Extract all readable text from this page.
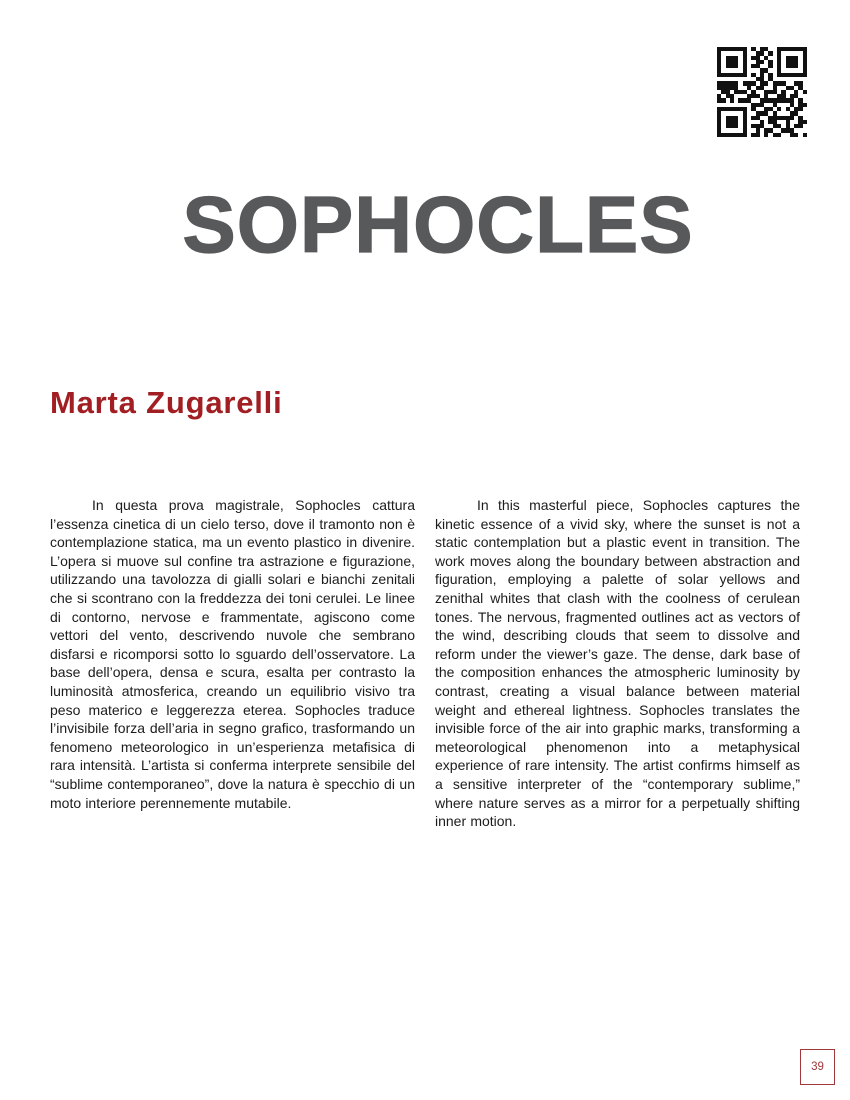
SOPHOCLES
Marta Zugarelli

In questa prova magistrale, Sophocles cattura l’essenza cinetica di un cielo terso, dove il tramonto non è contemplazione statica, ma un evento plastico in divenire. L’opera si muove sul confine tra astrazione e figurazione, utilizzando una tavolozza di gialli solari e bianchi zenitali che si scontrano con la freddezza dei toni cerulei. Le linee di contorno, nervose e frammentate, agiscono come vettori del vento, descrivendo nuvole che sembrano disfarsi e ricomporsi sotto lo sguardo dell’osservatore. La base dell’opera, densa e scura, esalta per contrasto la luminosità atmosferica, creando un equilibrio visivo tra peso materico e leggerezza eterea. Sophocles traduce l’invisibile forza dell’aria in segno grafico, trasformando un fenomeno meteorologico in un’esperienza metafisica di rara intensità. L’artista si conferma interprete sensibile del “sublime contemporaneo”, dove la natura è specchio di un moto interiore perennemente mutabile.

In this masterful piece, Sophocles captures the kinetic essence of a vivid sky, where the sunset is not a static contemplation but a plastic event in transition. The work moves along the boundary between abstraction and figuration, employing a palette of solar yellows and zenithal whites that clash with the coolness of cerulean tones. The nervous, fragmented outlines act as vectors of the wind, describing clouds that seem to dissolve and reform under the viewer’s gaze. The dense, dark base of the composition enhances the atmospheric luminosity by contrast, creating a visual balance between material weight and ethereal lightness. Sophocles translates the invisible force of the air into graphic marks, transforming a meteorological phenomenon into a metaphysical experience of rare intensity. The artist confirms himself as a sensitive interpreter of the “contemporary sublime,” where nature serves as a mirror for a perpetually shifting inner motion.

39
